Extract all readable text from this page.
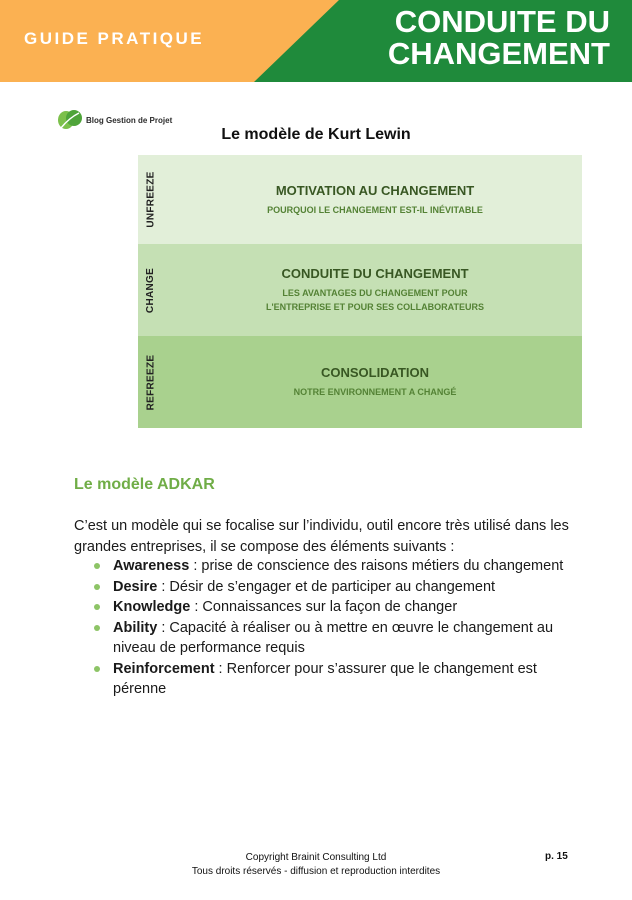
GUIDE PRATIQUE	CONDUITE DU
CHANGEMENT
Blog Gestion de Projet
Le modèle de Kurt Lewin
UNFREEZE	MOTIVATION AU CHANGEMENT
POURQUOI LE CHANGEMENT EST-IL INÉVITABLE
CHANGE	CONDUITE DU CHANGEMENT
LES AVANTAGES DU CHANGEMENT POUR
L'ENTREPRISE ET POUR SES COLLABORATEURS
REFREEZE	CONSOLIDATION
NOTRE ENVIRONNEMENT A CHANGÉ
Le modèle ADKAR
C’est un modèle qui se focalise sur l’individu, outil encore très utilisé dans les grandes entreprises, il se compose des éléments suivants :
Awareness : prise de conscience des raisons métiers du changement
Desire : Désir de s’engager et de participer au changement
Knowledge : Connaissances sur la façon de changer
Ability : Capacité à réaliser ou à mettre en œuvre le changement au niveau de performance requis
Reinforcement : Renforcer pour s’assurer que le changement est pérenne
Copyright Brainit Consulting Ltd
Tous droits réservés - diffusion et reproduction interdites
p. 15
